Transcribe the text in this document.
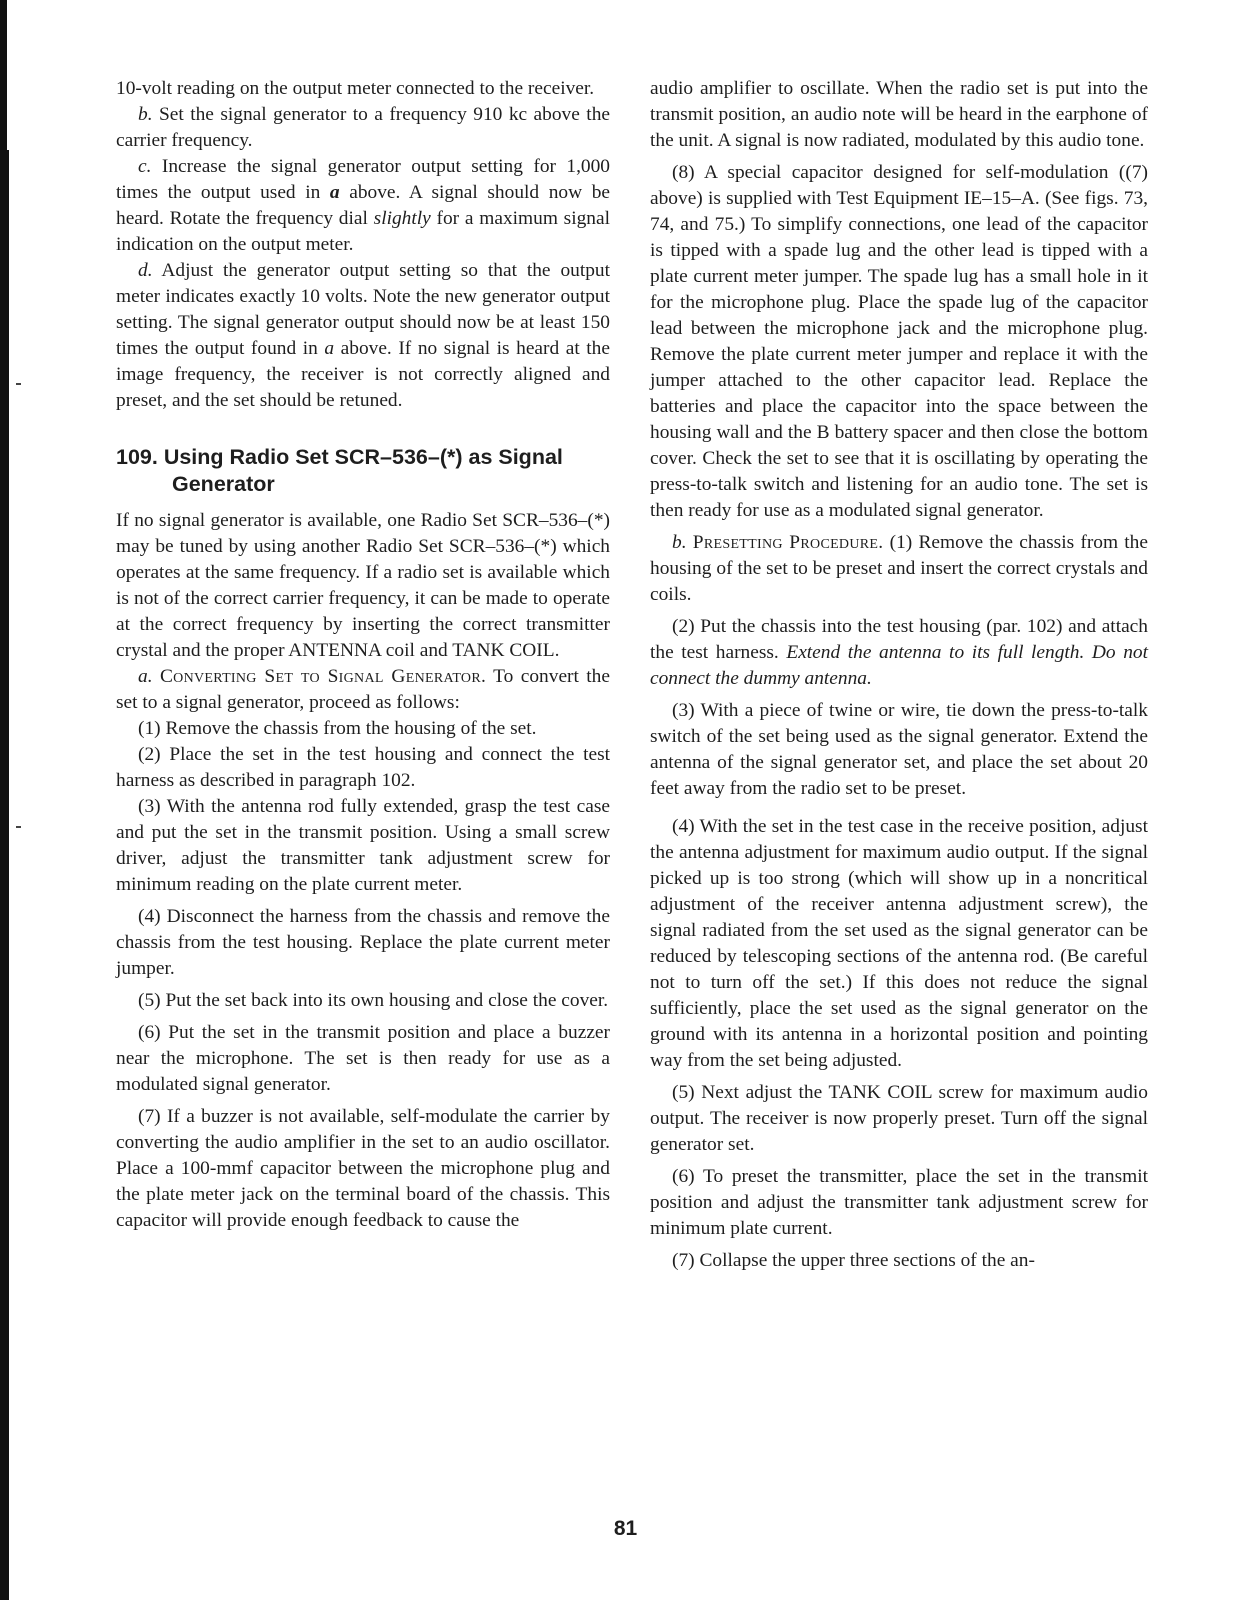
10-volt reading on the output meter connected to the receiver.

b. Set the signal generator to a frequency 910 kc above the carrier frequency.

c. Increase the signal generator output setting for 1,000 times the output used in a above. A signal should now be heard. Rotate the frequency dial slightly for a maximum signal indication on the output meter.

d. Adjust the generator output setting so that the output meter indicates exactly 10 volts. Note the new generator output setting. The signal generator output should now be at least 150 times the output found in a above. If no signal is heard at the image frequency, the receiver is not correctly aligned and preset, and the set should be retuned.

109. Using Radio Set SCR–536–(*) as Signal Generator

If no signal generator is available, one Radio Set SCR–536–(*) may be tuned by using another Radio Set SCR–536–(*) which operates at the same frequency. If a radio set is available which is not of the correct carrier frequency, it can be made to operate at the correct frequency by inserting the correct transmitter crystal and the proper ANTENNA coil and TANK COIL.

a. Converting Set to Signal Generator. To convert the set to a signal generator, proceed as follows:

(1) Remove the chassis from the housing of the set.

(2) Place the set in the test housing and connect the test harness as described in paragraph 102.

(3) With the antenna rod fully extended, grasp the test case and put the set in the transmit position. Using a small screw driver, adjust the transmitter tank adjustment screw for minimum reading on the plate current meter.

(4) Disconnect the harness from the chassis and remove the chassis from the test housing. Replace the plate current meter jumper.

(5) Put the set back into its own housing and close the cover.

(6) Put the set in the transmit position and place a buzzer near the microphone. The set is then ready for use as a modulated signal generator.

(7) If a buzzer is not available, self-modulate the carrier by converting the audio amplifier in the set to an audio oscillator. Place a 100-mmf capacitor between the microphone plug and the plate meter jack on the terminal board of the chassis. This capacitor will provide enough feedback to cause the

audio amplifier to oscillate. When the radio set is put into the transmit position, an audio note will be heard in the earphone of the unit. A signal is now radiated, modulated by this audio tone.

(8) A special capacitor designed for self-modulation ((7) above) is supplied with Test Equipment IE–15–A. (See figs. 73, 74, and 75.) To simplify connections, one lead of the capacitor is tipped with a spade lug and the other lead is tipped with a plate current meter jumper. The spade lug has a small hole in it for the microphone plug. Place the spade lug of the capacitor lead between the microphone jack and the microphone plug. Remove the plate current meter jumper and replace it with the jumper attached to the other capacitor lead. Replace the batteries and place the capacitor into the space between the housing wall and the B battery spacer and then close the bottom cover. Check the set to see that it is oscillating by operating the press-to-talk switch and listening for an audio tone. The set is then ready for use as a modulated signal generator.

b. Presetting Procedure. (1) Remove the chassis from the housing of the set to be preset and insert the correct crystals and coils.

(2) Put the chassis into the test housing (par. 102) and attach the test harness. Extend the antenna to its full length. Do not connect the dummy antenna.

(3) With a piece of twine or wire, tie down the press-to-talk switch of the set being used as the signal generator. Extend the antenna of the signal generator set, and place the set about 20 feet away from the radio set to be preset.

(4) With the set in the test case in the receive position, adjust the antenna adjustment for maximum audio output. If the signal picked up is too strong (which will show up in a noncritical adjustment of the receiver antenna adjustment screw), the signal radiated from the set used as the signal generator can be reduced by telescoping sections of the antenna rod. (Be careful not to turn off the set.) If this does not reduce the signal sufficiently, place the set used as the signal generator on the ground with its antenna in a horizontal position and pointing way from the set being adjusted.

(5) Next adjust the TANK COIL screw for maximum audio output. The receiver is now properly preset. Turn off the signal generator set.

(6) To preset the transmitter, place the set in the transmit position and adjust the transmitter tank adjustment screw for minimum plate current.

(7) Collapse the upper three sections of the an-

81
